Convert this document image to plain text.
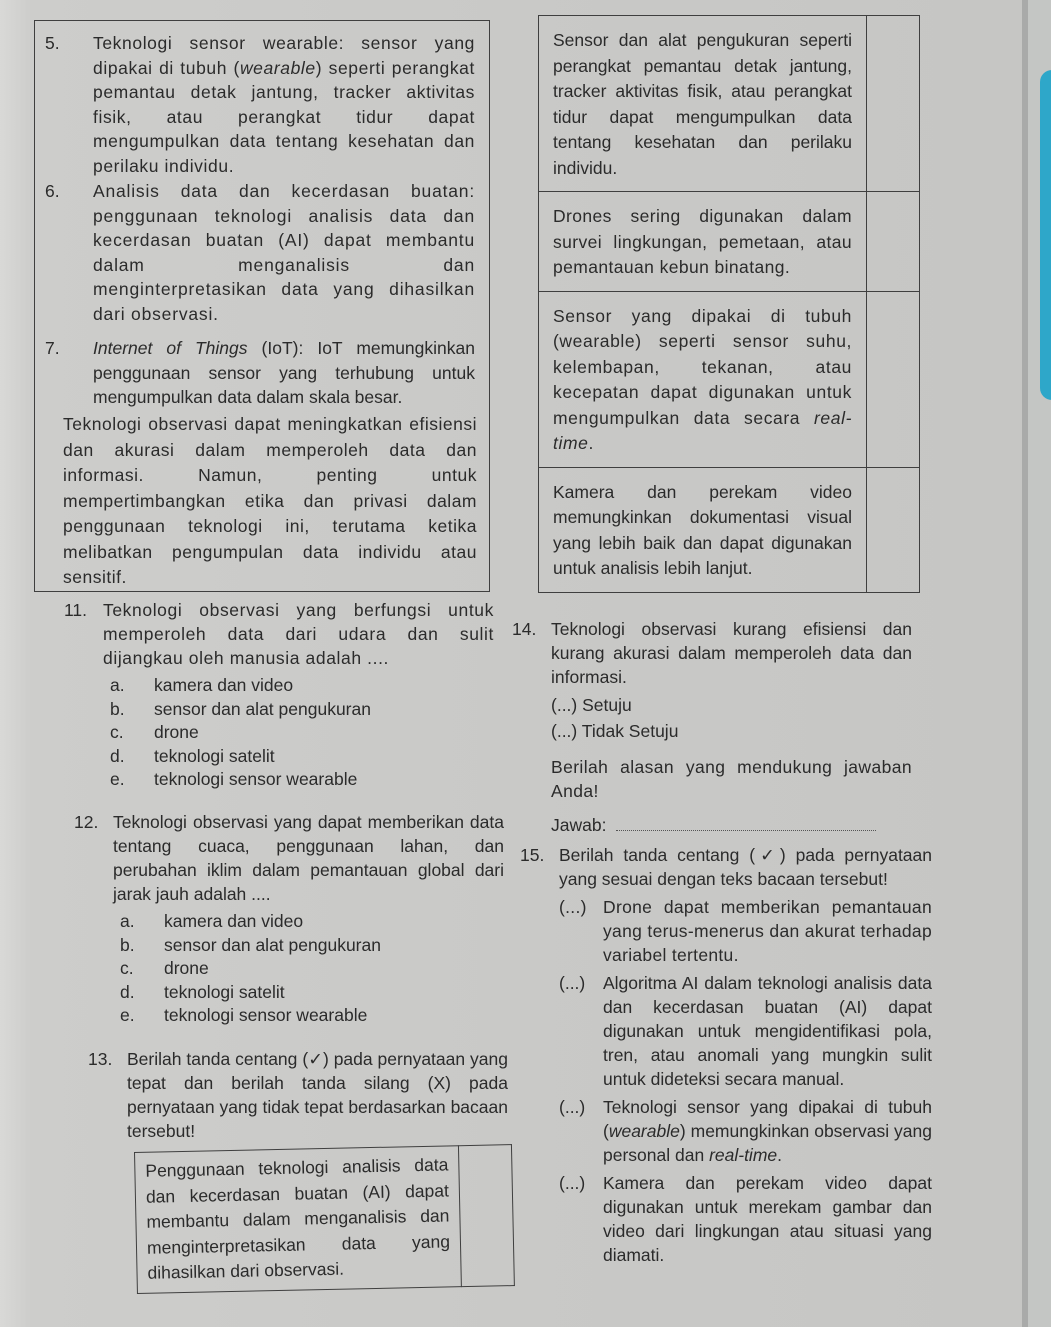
5. Teknologi sensor wearable: sensor yang dipakai di tubuh (wearable) seperti perangkat pemantau detak jantung, tracker aktivitas fisik, atau perangkat tidur dapat mengumpulkan data tentang kesehatan dan perilaku individu.
6. Analisis data dan kecerdasan buatan: penggunaan teknologi analisis data dan kecerdasan buatan (AI) dapat membantu dalam menganalisis dan menginterpretasikan data yang dihasilkan dari observasi.
7. Internet of Things (IoT): IoT memungkinkan penggunaan sensor yang terhubung untuk mengumpulkan data dalam skala besar.
Teknologi observasi dapat meningkatkan efisiensi dan akurasi dalam memperoleh data dan informasi. Namun, penting untuk mempertimbangkan etika dan privasi dalam penggunaan teknologi ini, terutama ketika melibatkan pengumpulan data individu atau sensitif.
Sensor dan alat pengukuran seperti perangkat pemantau detak jantung, tracker aktivitas fisik, atau perangkat tidur dapat mengumpulkan data tentang kesehatan dan perilaku individu.	
Drones sering digunakan dalam survei lingkungan, pemetaan, atau pemantauan kebun binatang.	
Sensor yang dipakai di tubuh (wearable) seperti sensor suhu, kelembapan, tekanan, atau kecepatan dapat digunakan untuk mengumpulkan data secara real-time.	
Kamera dan perekam video memungkinkan dokumentasi visual yang lebih baik dan dapat digunakan untuk analisis lebih lanjut.	
11. Teknologi observasi yang berfungsi untuk memperoleh data dari udara dan sulit dijangkau oleh manusia adalah ....
a. kamera dan video
b. sensor dan alat pengukuran
c. drone
d. teknologi satelit
e. teknologi sensor wearable
12. Teknologi observasi yang dapat memberikan data tentang cuaca, penggunaan lahan, dan perubahan iklim dalam pemantauan global dari jarak jauh adalah ....
a. kamera dan video
b. sensor dan alat pengukuran
c. drone
d. teknologi satelit
e. teknologi sensor wearable
13. Berilah tanda centang (✓) pada pernyataan yang tepat dan berilah tanda silang (X) pada pernyataan yang tidak tepat berdasarkan bacaan tersebut!
Penggunaan teknologi analisis data dan kecerdasan buatan (AI) dapat membantu dalam menganalisis dan menginterpretasikan data yang dihasilkan dari observasi.	
14. Teknologi observasi kurang efisiensi dan kurang akurasi dalam memperoleh data dan informasi.
(...) Setuju
(...) Tidak Setuju
Berilah alasan yang mendukung jawaban Anda!
Jawab:
15. Berilah tanda centang (✓) pada pernyataan yang sesuai dengan teks bacaan tersebut!
(...) Drone dapat memberikan pemantauan yang terus-menerus dan akurat terhadap variabel tertentu.
(...) Algoritma AI dalam teknologi analisis data dan kecerdasan buatan (AI) dapat digunakan untuk mengidentifikasi pola, tren, atau anomali yang mungkin sulit untuk dideteksi secara manual.
(...) Teknologi sensor yang dipakai di tubuh (wearable) memungkinkan observasi yang personal dan real-time.
(...) Kamera dan perekam video dapat digunakan untuk merekam gambar dan video dari lingkungan atau situasi yang diamati.
